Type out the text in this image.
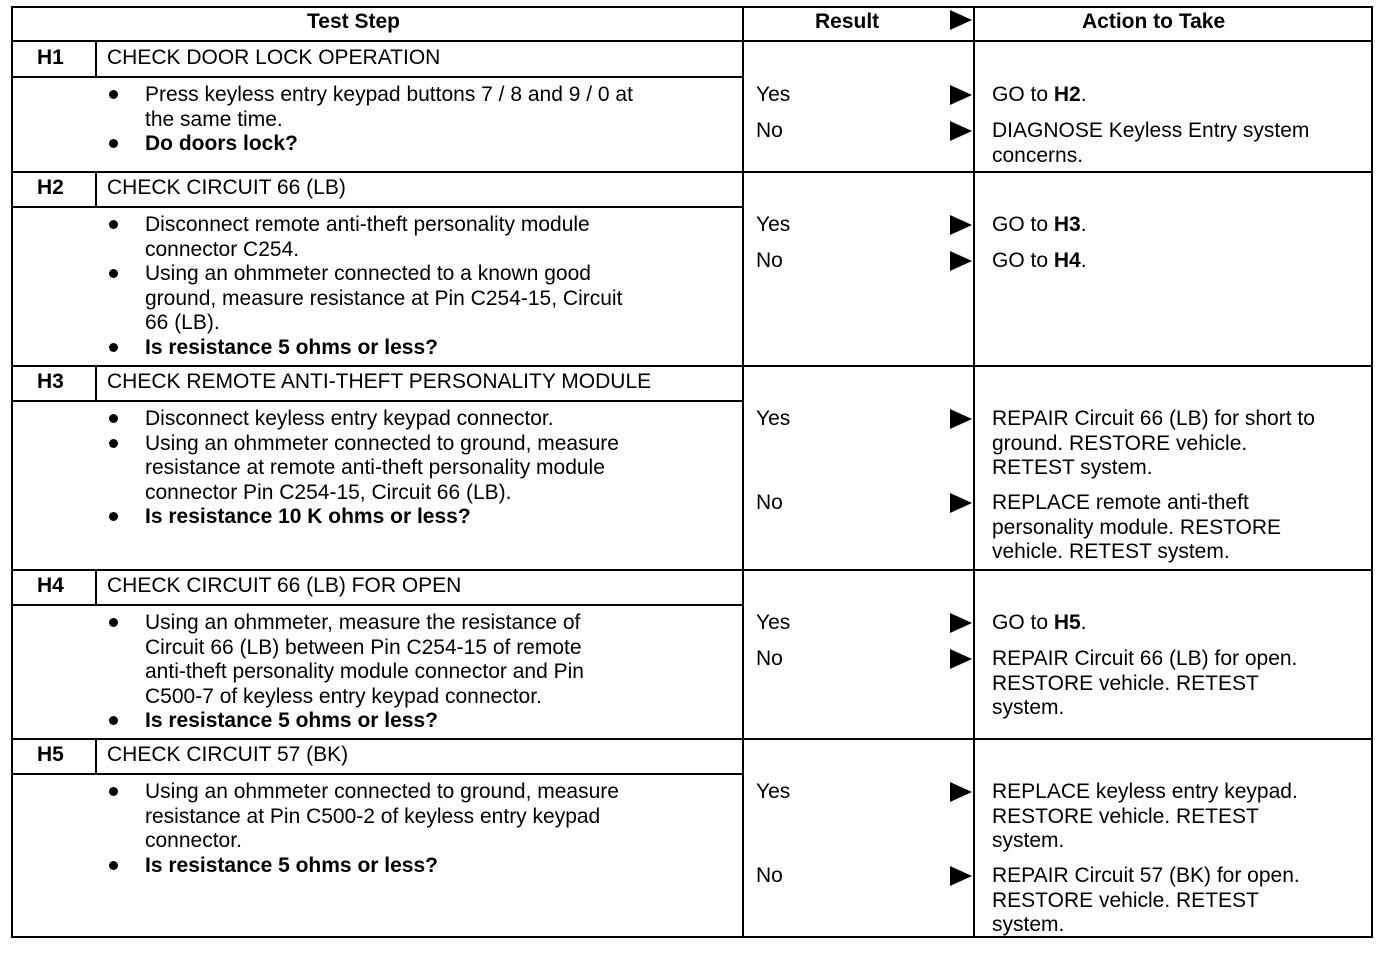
Test Step	Result	Action to Take
H1 CHECK DOOR LOCK OPERATION
Press keyless entry keypad buttons 7 / 8 and 9 / 0 at
the same time.
Do doors lock?
Yes	GO to H2.
No	DIAGNOSE Keyless Entry system
concerns.
H2 CHECK CIRCUIT 66 (LB)
Disconnect remote anti-theft personality module
connector C254.
Using an ohmmeter connected to a known good
ground, measure resistance at Pin C254-15, Circuit
66 (LB).
Is resistance 5 ohms or less?
Yes	GO to H3.
No	GO to H4.
H3 CHECK REMOTE ANTI-THEFT PERSONALITY MODULE
Disconnect keyless entry keypad connector.
Using an ohmmeter connected to ground, measure
resistance at remote anti-theft personality module
connector Pin C254-15, Circuit 66 (LB).
Is resistance 10 K ohms or less?
Yes	REPAIR Circuit 66 (LB) for short to
ground. RESTORE vehicle.
RETEST system.
No	REPLACE remote anti-theft
personality module. RESTORE
vehicle. RETEST system.
H4 CHECK CIRCUIT 66 (LB) FOR OPEN
Using an ohmmeter, measure the resistance of
Circuit 66 (LB) between Pin C254-15 of remote
anti-theft personality module connector and Pin
C500-7 of keyless entry keypad connector.
Is resistance 5 ohms or less?
Yes	GO to H5.
No	REPAIR Circuit 66 (LB) for open.
RESTORE vehicle. RETEST
system.
H5 CHECK CIRCUIT 57 (BK)
Using an ohmmeter connected to ground, measure
resistance at Pin C500-2 of keyless entry keypad
connector.
Is resistance 5 ohms or less?
Yes	REPLACE keyless entry keypad.
RESTORE vehicle. RETEST
system.
No	REPAIR Circuit 57 (BK) for open.
RESTORE vehicle. RETEST
system.
